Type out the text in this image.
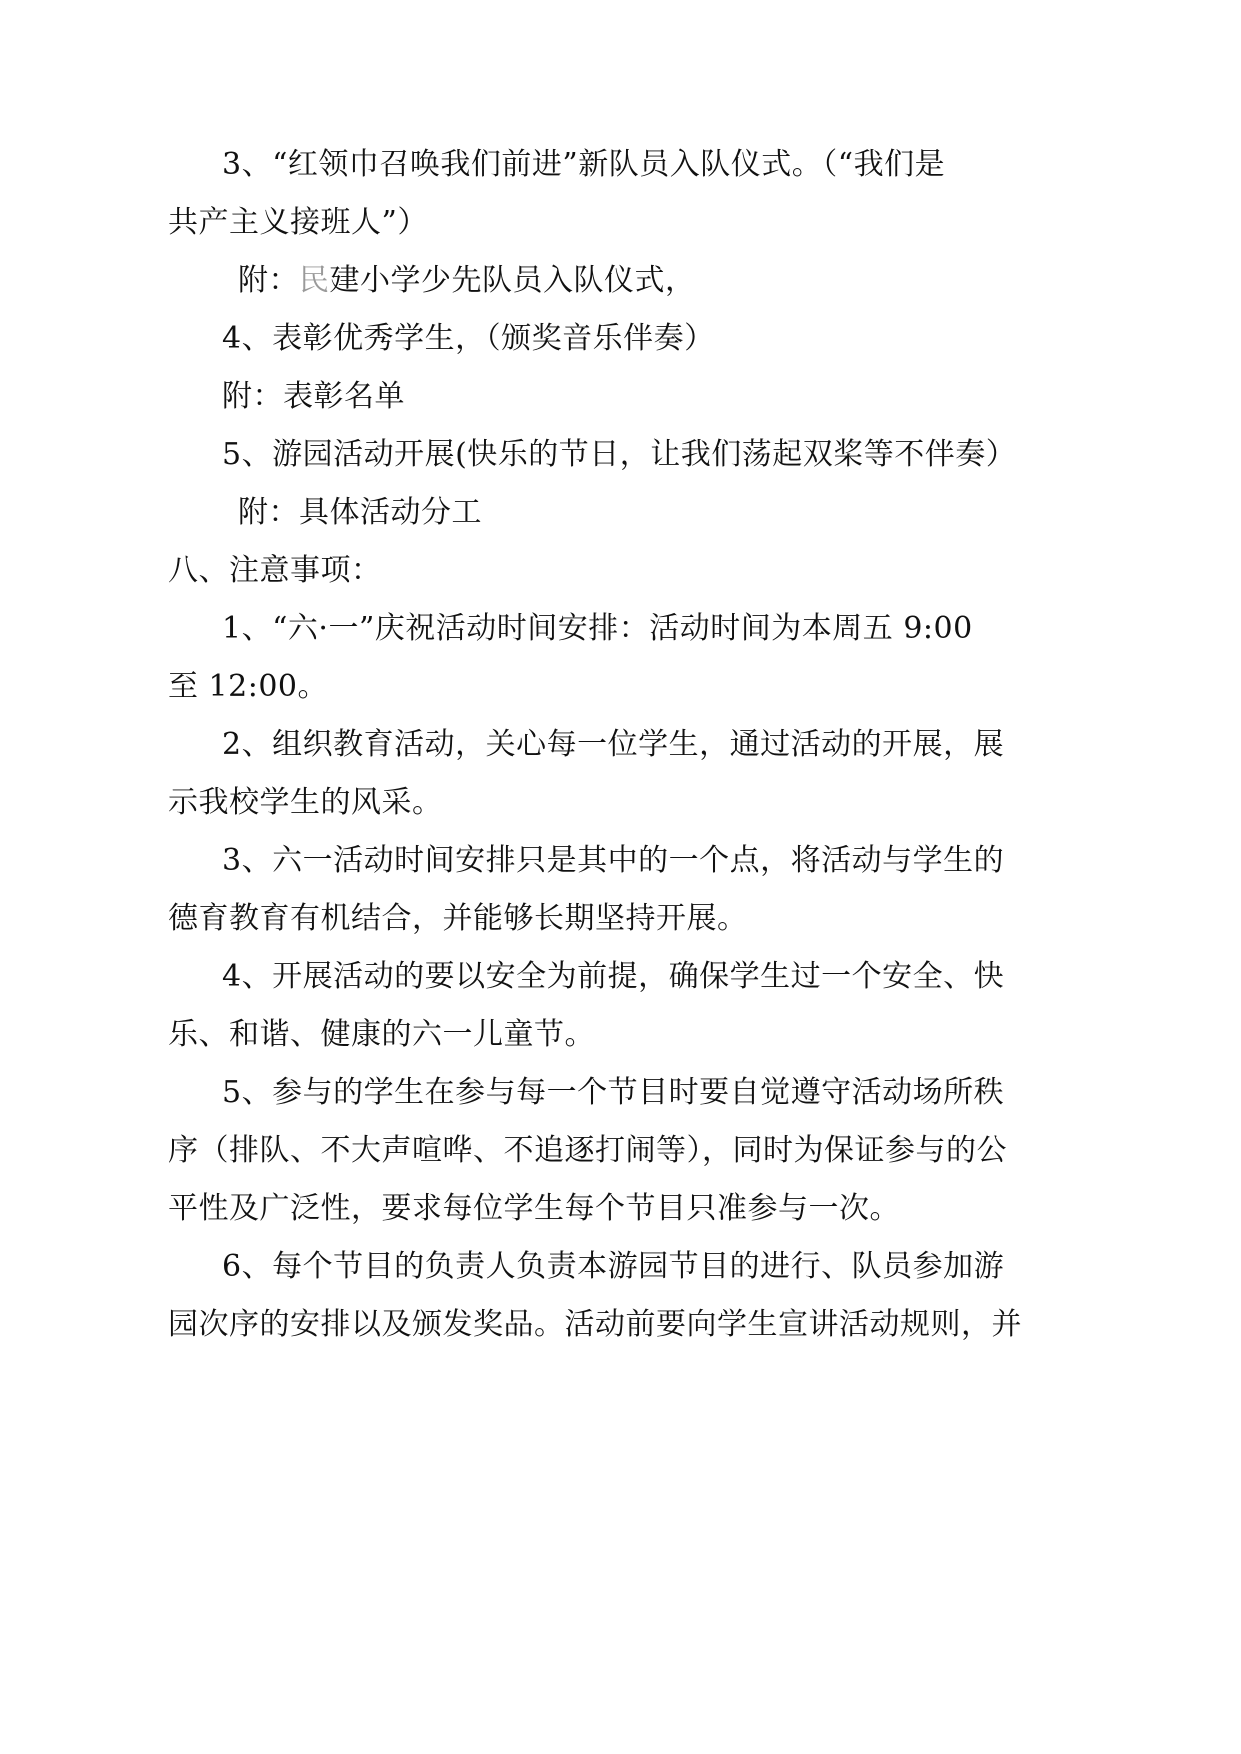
3、“红领巾召唤我们前进”新队员入队仪式。（“我们是
共产主义接班人”）
附：民建小学少先队员入队仪式，
4、表彰优秀学生，（颁奖音乐伴奏）
附：表彰名单
5、游园活动开展(快乐的节日，让我们荡起双桨等不伴奏）
附：具体活动分工
八、注意事项：
1、“六·一”庆祝活动时间安排：活动时间为本周五 9:00
至 12:00。
2、组织教育活动，关心每一位学生，通过活动的开展，展
示我校学生的风采。
3、六一活动时间安排只是其中的一个点，将活动与学生的
德育教育有机结合，并能够长期坚持开展。
4、开展活动的要以安全为前提，确保学生过一个安全、快
乐、和谐、健康的六一儿童节。
5、参与的学生在参与每一个节目时要自觉遵守活动场所秩
序（排队、不大声喧哗、不追逐打闹等），同时为保证参与的公
平性及广泛性，要求每位学生每个节目只准参与一次。
6、每个节目的负责人负责本游园节目的进行、队员参加游
园次序的安排以及颁发奖品。活动前要向学生宣讲活动规则，并
